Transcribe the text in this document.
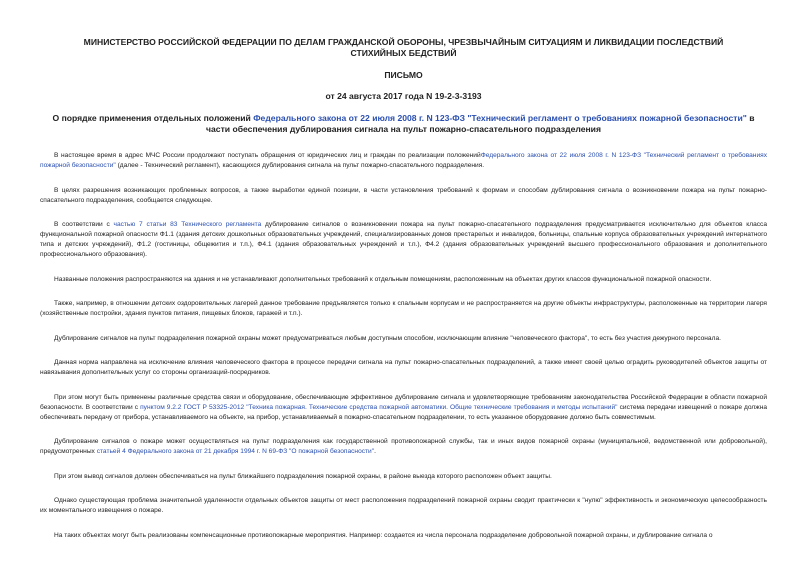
МИНИСТЕРСТВО РОССИЙСКОЙ ФЕДЕРАЦИИ ПО ДЕЛАМ ГРАЖДАНСКОЙ ОБОРОНЫ, ЧРЕЗВЫЧАЙНЫМ СИТУАЦИЯМ И ЛИКВИДАЦИИ ПОСЛЕДСТВИЙ СТИХИЙНЫХ БЕДСТВИЙ
ПИСЬМО
от 24 августа 2017 года N 19-2-3-3193
О порядке применения отдельных положений Федерального закона от 22 июля 2008 г. N 123-ФЗ "Технический регламент о требованиях пожарной безопасности" в части обеспечения дублирования сигнала на пульт пожарно-спасательного подразделения

В настоящее время в адрес МЧС России продолжают поступать обращения от юридических лиц и граждан по реализации положенийФедерального закона от 22 июля 2008 г. N 123-ФЗ "Технический регламент о требованиях пожарной безопасности" (далее - Технический регламент), касающихся дублирования сигнала на пульт пожарно-спасательного подразделения.

В целях разрешения возникающих проблемных вопросов, а также выработки единой позиции, в части установления требований к формам и способам дублирования сигнала о возникновении пожара на пульт пожарно-спасательного подразделения, сообщается следующее.

В соответствии с частью 7 статьи 83 Технического регламента дублирование сигналов о возникновении пожара на пульт пожарно-спасательного подразделения предусматривается исключительно для объектов класса функциональной пожарной опасности Ф1.1 (здания детских дошкольных образовательных учреждений, специализированных домов престарелых и инвалидов, больницы, спальные корпуса образовательных учреждений интернатного типа и детских учреждений), Ф1.2 (гостиницы, общежития и т.п.), Ф4.1 (здания образовательных учреждений и т.п.), Ф4.2 (здания образовательных учреждений высшего профессионального образования и дополнительного профессионального образования).

Названные положения распространяются на здания и не устанавливают дополнительных требований к отдельным помещениям, расположенным на объектах других классов функциональной пожарной опасности.

Также, например, в отношении детских оздоровительных лагерей данное требование предъявляется только к спальным корпусам и не распространяется на другие объекты инфраструктуры, расположенные на территории лагеря (хозяйственные постройки, здания пунктов питания, пищевых блоков, гаражей и т.п.).

Дублирование сигналов на пульт подразделения пожарной охраны может предусматриваться любым доступным способом, исключающим влияние "человеческого фактора", то есть без участия дежурного персонала.

Данная норма направлена на исключение влияния человеческого фактора в процессе передачи сигнала на пульт пожарно-спасательных подразделений, а также имеет своей целью оградить руководителей объектов защиты от навязывания дополнительных услуг со стороны организаций-посредников.

При этом могут быть применены различные средства связи и оборудование, обеспечивающие эффективное дублирование сигнала и удовлетворяющие требованиям законодательства Российской Федерации в области пожарной безопасности. В соответствии с пунктом 9.2.2 ГОСТ Р 53325-2012 "Техника пожарная. Технические средства пожарной автоматики. Общие технические требования и методы испытаний" система передачи извещений о пожаре должна обеспечивать передачу от прибора, устанавливаемого на объекте, на прибор, устанавливаемый в пожарно-спасательном подразделении, то есть указанное оборудование должно быть совместимым.

Дублирование сигналов о пожаре может осуществляться на пульт подразделения как государственной противопожарной службы, так и иных видов пожарной охраны (муниципальной, ведомственной или добровольной), предусмотренных статьей 4 Федерального закона от 21 декабря 1994 г. N 69-ФЗ "О пожарной безопасности".

При этом вывод сигналов должен обеспечиваться на пульт ближайшего подразделения пожарной охраны, в районе выезда которого расположен объект защиты.

Однако существующая проблема значительной удаленности отдельных объектов защиты от мест расположения подразделений пожарной охраны сводит практически к "нулю" эффективность и экономическую целесообразность их моментального извещения о пожаре.

На таких объектах могут быть реализованы компенсационные противопожарные мероприятия. Например: создается из числа персонала подразделение добровольной пожарной охраны, и дублирование сигнала о
